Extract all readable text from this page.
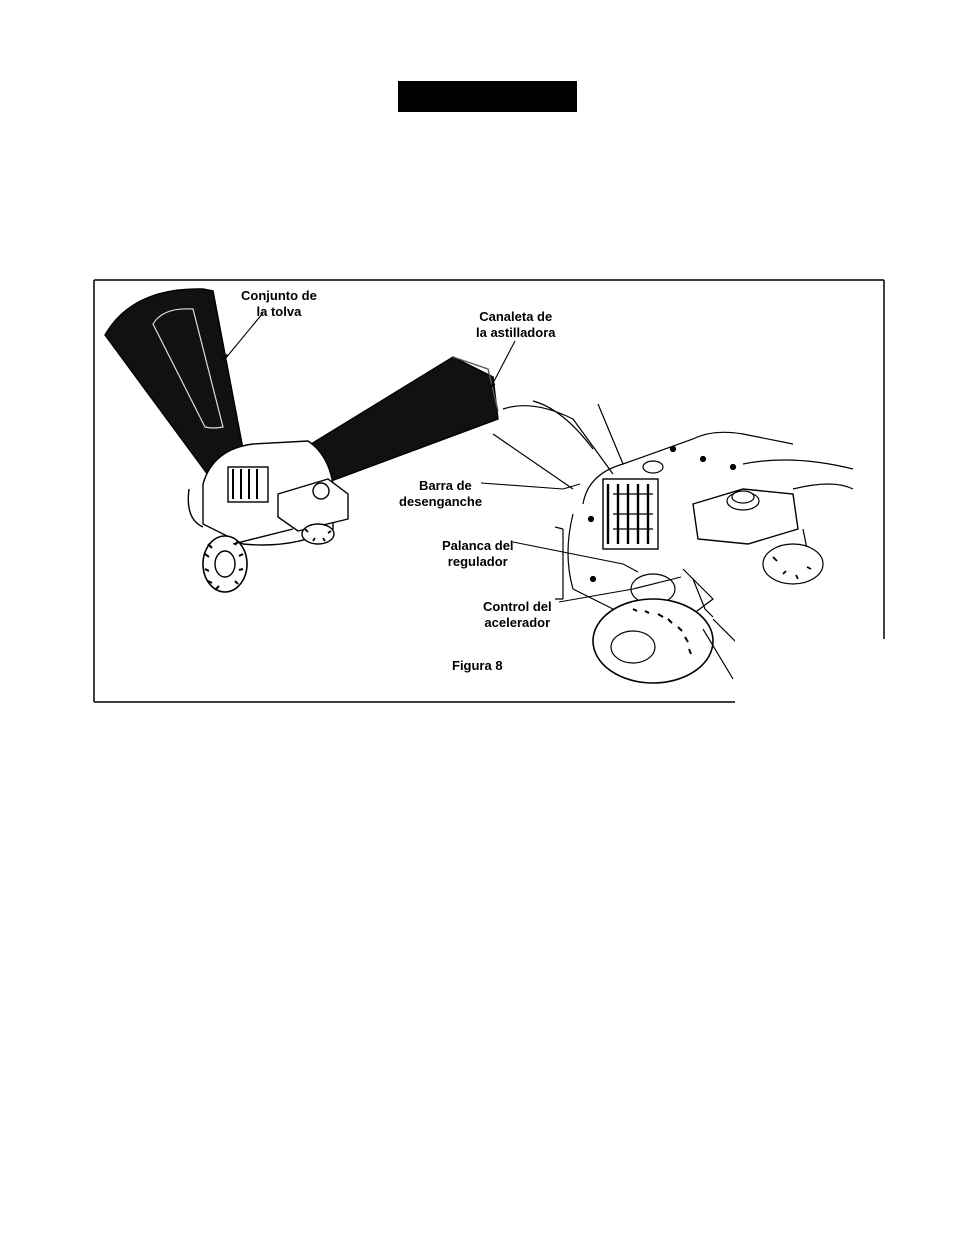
Conjunto de
la tolva	Canaleta de
la astilladora
Barra de
desenganche
Palanca del
regulador
Control del
acelerador
Figura 8
